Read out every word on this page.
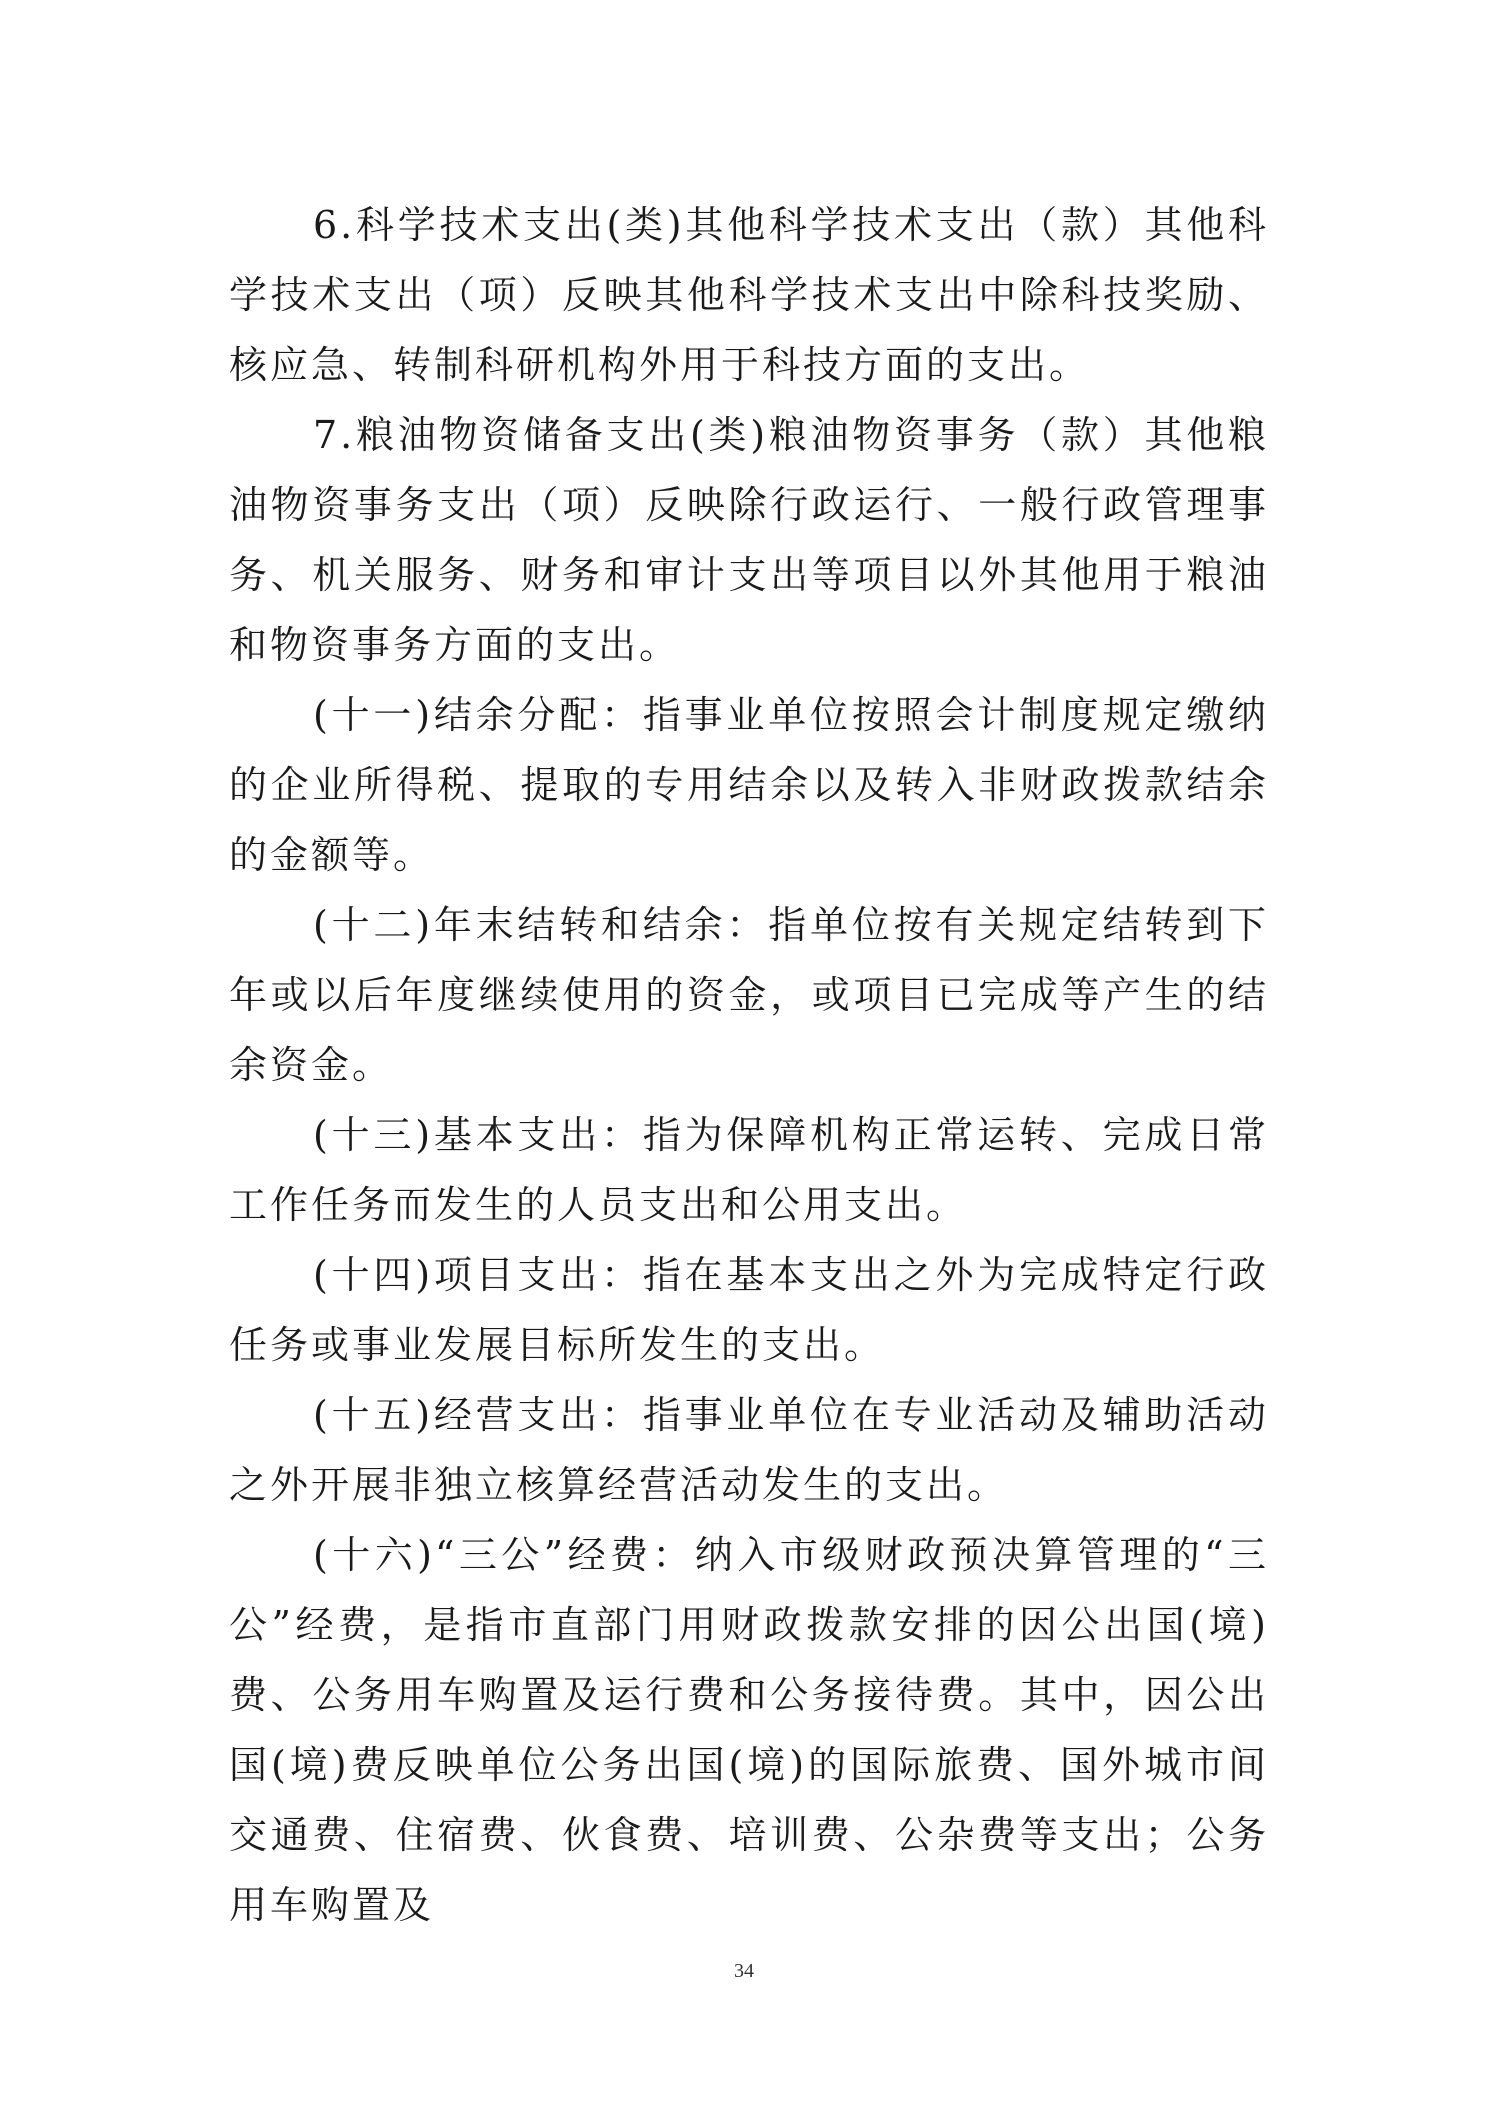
6.科学技术支出(类)其他科学技术支出（款）其他科学技术支出（项）反映其他科学技术支出中除科技奖励、核应急、转制科研机构外用于科技方面的支出。

7.粮油物资储备支出(类)粮油物资事务（款）其他粮油物资事务支出（项）反映除行政运行、一般行政管理事务、机关服务、财务和审计支出等项目以外其他用于粮油和物资事务方面的支出。

(十一)结余分配：指事业单位按照会计制度规定缴纳的企业所得税、提取的专用结余以及转入非财政拨款结余的金额等。

(十二)年末结转和结余：指单位按有关规定结转到下年或以后年度继续使用的资金，或项目已完成等产生的结余资金。

(十三)基本支出：指为保障机构正常运转、完成日常工作任务而发生的人员支出和公用支出。

(十四)项目支出：指在基本支出之外为完成特定行政任务或事业发展目标所发生的支出。

(十五)经营支出：指事业单位在专业活动及辅助活动之外开展非独立核算经营活动发生的支出。

(十六)“三公”经费：纳入市级财政预决算管理的“三公”经费，是指市直部门用财政拨款安排的因公出国(境)费、公务用车购置及运行费和公务接待费。其中，因公出国(境)费反映单位公务出国(境)的国际旅费、国外城市间交通费、住宿费、伙食费、培训费、公杂费等支出；公务用车购置及

34
